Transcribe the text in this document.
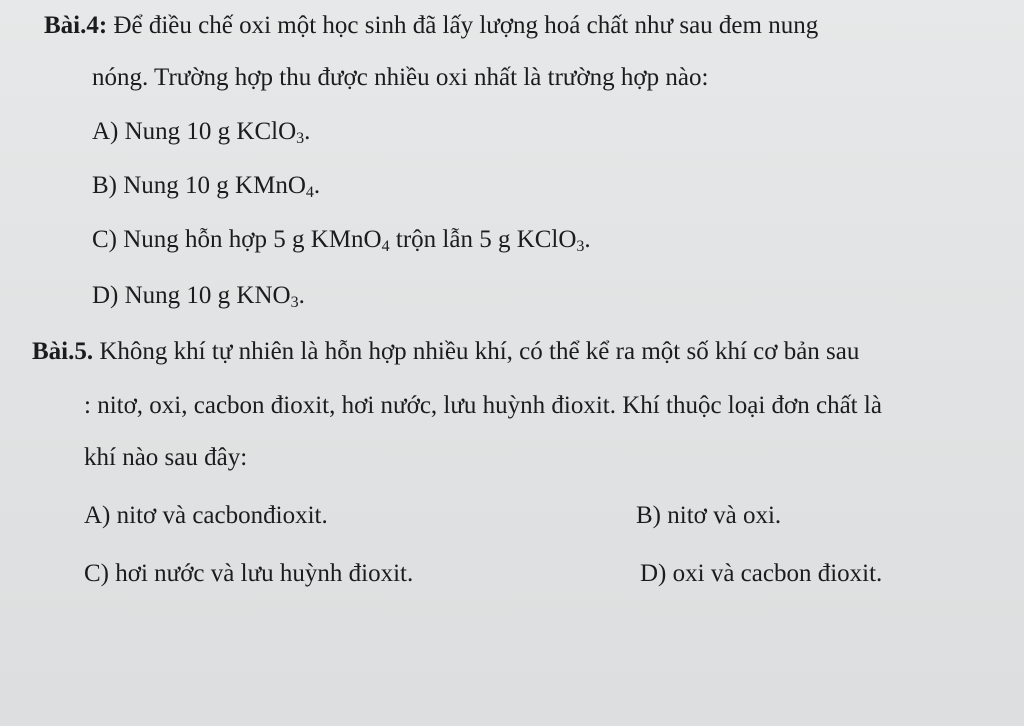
Bài.4: Để điều chế oxi một học sinh đã lấy lượng hoá chất như sau đem nung
nóng. Trường hợp thu được nhiều oxi nhất là trường hợp nào:
A) Nung 10 g KClO$_3$.
B) Nung 10 g KMnO$_4$.
C) Nung hỗn hợp 5 g KMnO$_4$ trộn lẫn 5 g KClO$_3$.
D) Nung 10 g $KNO_3$.
Bài.5. Không khí tự nhiên là hỗn hợp nhiều khí, có thể kể ra một số khí cơ bản sau
: nitơ, oxi, cacbon đioxit, hơi nước, lưu huỳnh đioxit. Khí thuộc loại đơn chất là
khí nào sau đây:
A) nitơ và cacbonđioxit.	B) nitơ và oxi.
C) hơi nước và lưu huỳnh đioxit.	D) oxi và cacbon đioxit.
